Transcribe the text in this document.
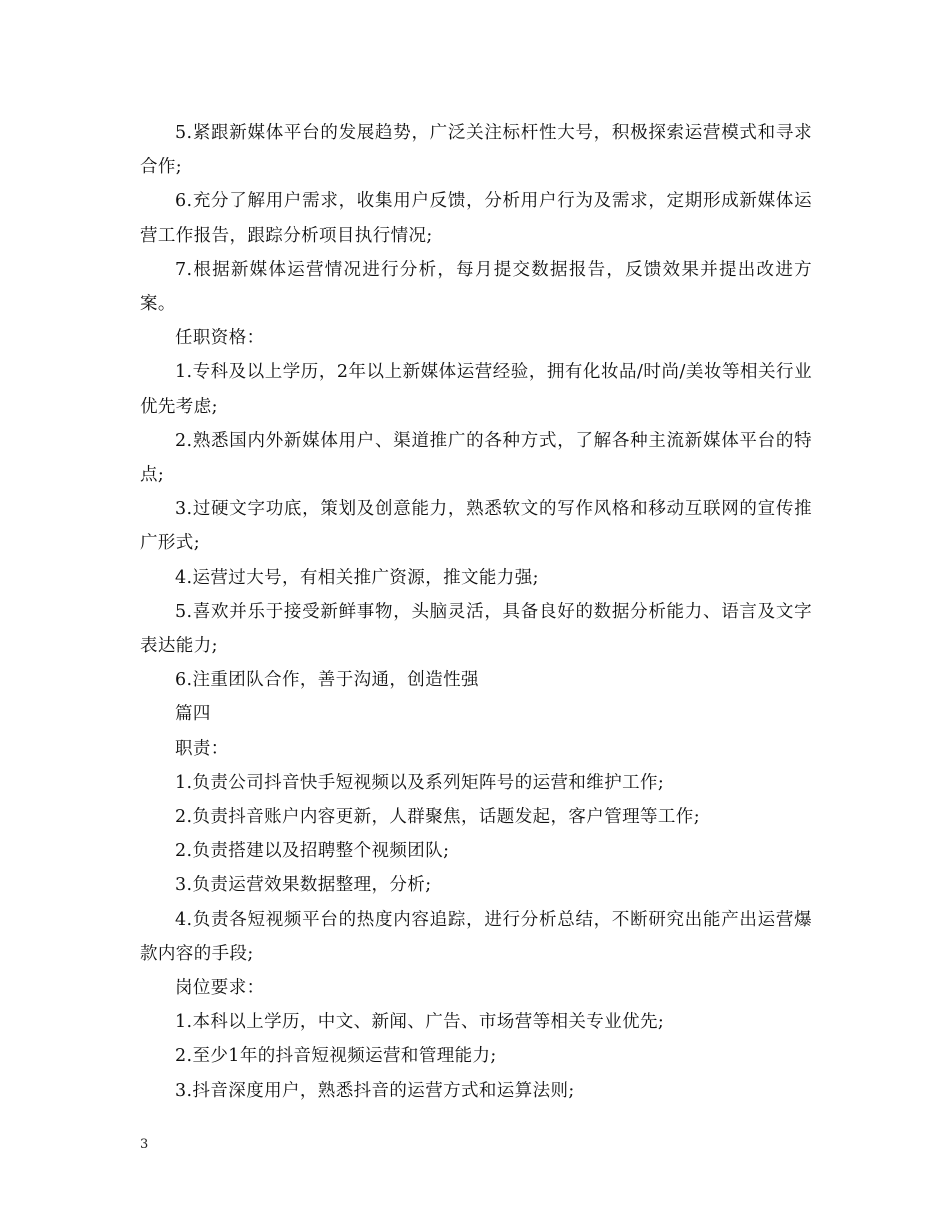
5.紧跟新媒体平台的发展趋势，广泛关注标杆性大号，积极探索运营模式和寻求合作;

6.充分了解用户需求，收集用户反馈，分析用户行为及需求，定期形成新媒体运营工作报告，跟踪分析项目执行情况;

7.根据新媒体运营情况进行分析，每月提交数据报告，反馈效果并提出改进方案。

任职资格：

1.专科及以上学历，2年以上新媒体运营经验，拥有化妆品/时尚/美妆等相关行业优先考虑;

2.熟悉国内外新媒体用户、渠道推广的各种方式，了解各种主流新媒体平台的特点;

3.过硬文字功底，策划及创意能力，熟悉软文的写作风格和移动互联网的宣传推广形式;

4.运营过大号，有相关推广资源，推文能力强;

5.喜欢并乐于接受新鲜事物，头脑灵活，具备良好的数据分析能力、语言及文字表达能力;

6.注重团队合作，善于沟通，创造性强

篇四

职责：

1.负责公司抖音快手短视频以及系列矩阵号的运营和维护工作;

2.负责抖音账户内容更新，人群聚焦，话题发起，客户管理等工作;

2.负责搭建以及招聘整个视频团队;

3.负责运营效果数据整理，分析;

4.负责各短视频平台的热度内容追踪，进行分析总结，不断研究出能产出运营爆款内容的手段;

岗位要求：

1.本科以上学历，中文、新闻、广告、市场营等相关专业优先;

2.至少1年的抖音短视频运营和管理能力;

3.抖音深度用户，熟悉抖音的运营方式和运算法则;

3
